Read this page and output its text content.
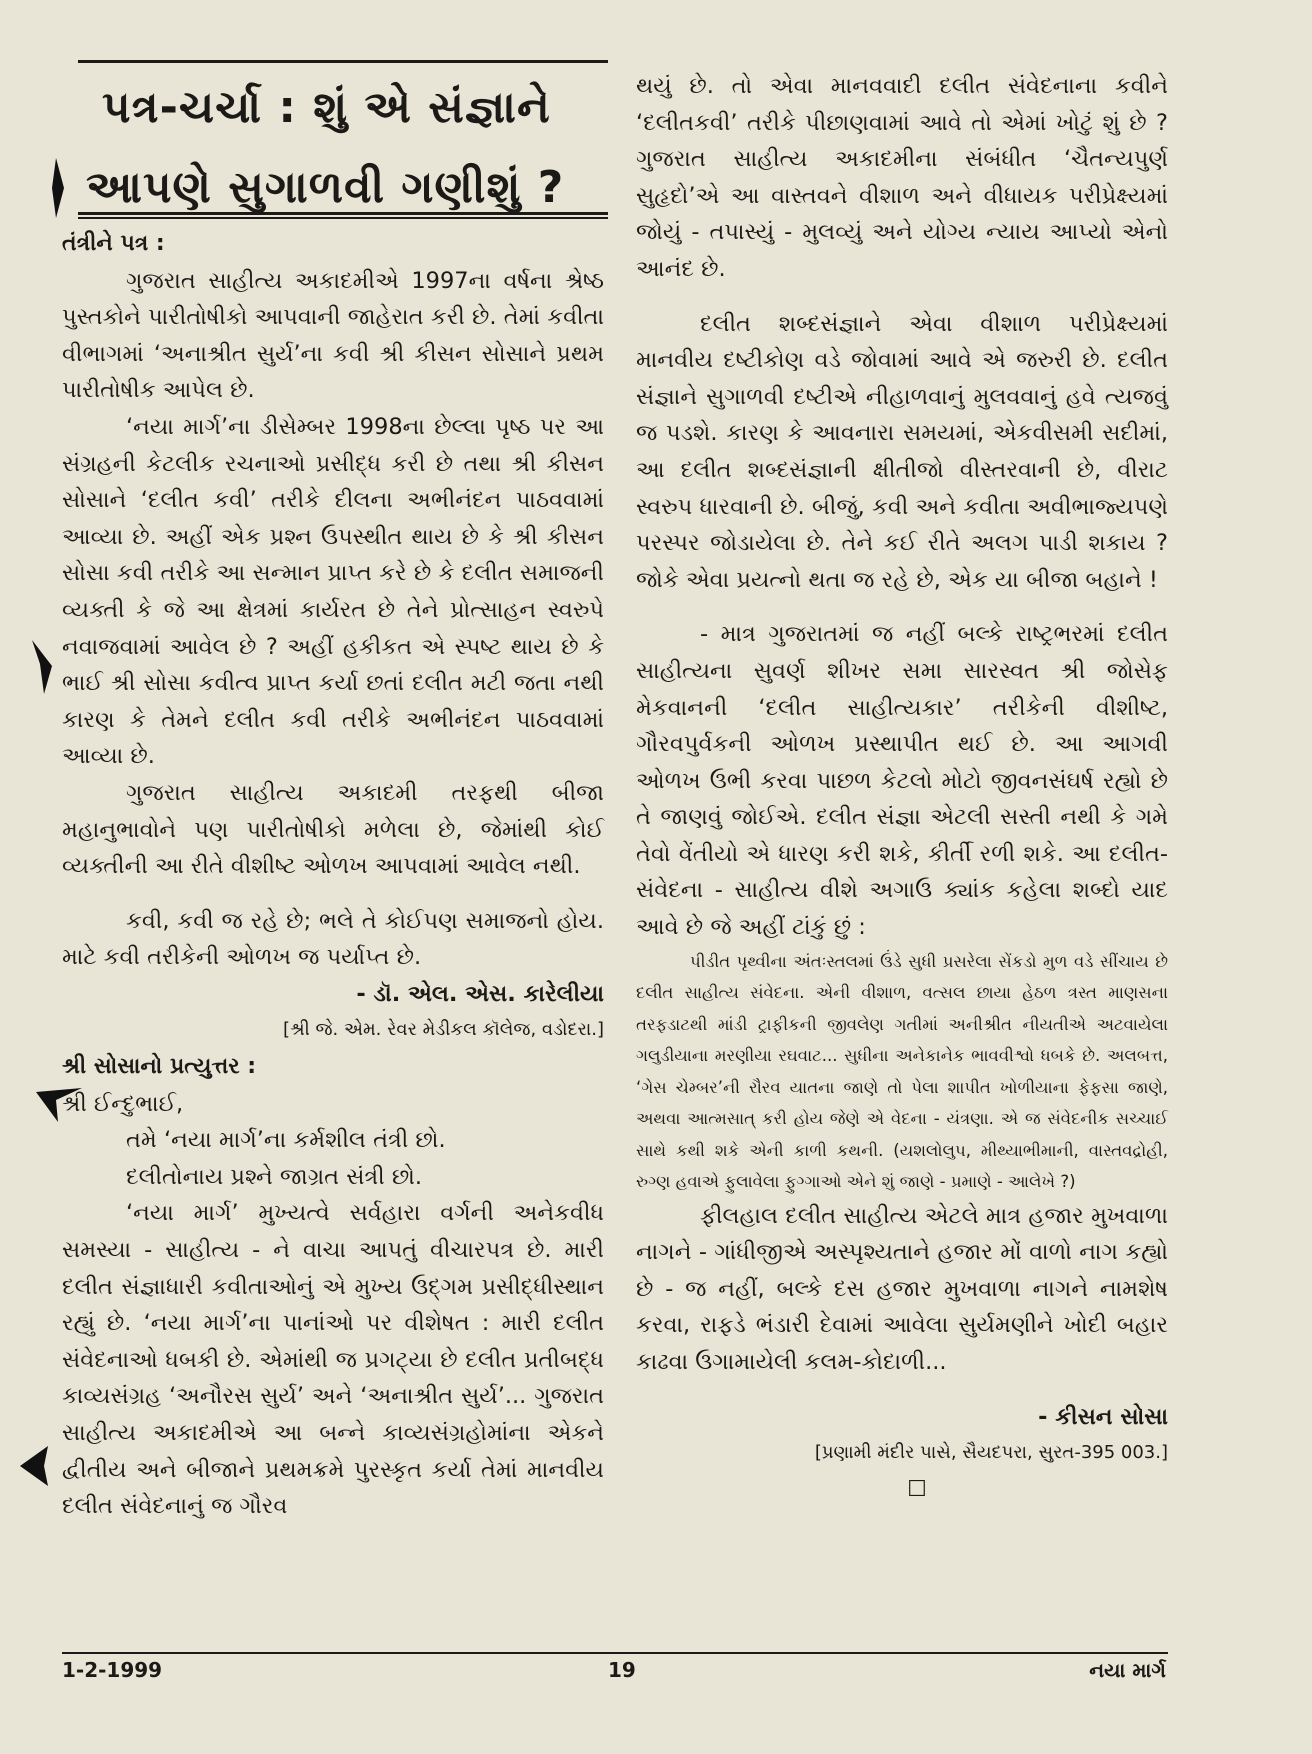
પત્ર-ચર્ચા : શું એ સંજ્ઞાને
આપણે સુગાળવી ગણીશું ?

તંત્રીને પત્ર :

ગુજરાત સાહીત્ય અકાદમીએ 1997ના વર્ષના શ્રેષ્ઠ પુસ્તકોને પારીતોષીકો આપવાની જાહેરાત કરી છે. તેમાં કવીતા વીભાગમાં ‘અનાશ્રીત સુર્ય’ના કવી શ્રી કીસન સોસાને પ્રથમ પારીતોષીક આપેલ છે.

‘નયા માર્ગ’ના ડીસેમ્બર 1998ના છેલ્લા પૃષ્ઠ પર આ સંગ્રહની કેટલીક રચનાઓ પ્રસીદ્ધ કરી છે તથા શ્રી કીસન સોસાને ‘દલીત કવી’ તરીકે દીલના અભીનંદન પાઠવવામાં આવ્યા છે. અહીં એક પ્રશ્ન ઉપસ્થીત થાય છે કે શ્રી કીસન સોસા કવી તરીકે આ સન્માન પ્રાપ્ત કરે છે કે દલીત સમાજની વ્યક્તી કે જે આ ક્ષેત્રમાં કાર્યરત છે તેને પ્રોત્સાહન સ્વરુપે નવાજવામાં આવેલ છે ? અહીં હકીકત એ સ્પષ્ટ થાય છે કે ભાઈ શ્રી સોસા કવીત્વ પ્રાપ્ત કર્યા છતાં દલીત મટી જતા નથી કારણ કે તેમને દલીત કવી તરીકે અભીનંદન પાઠવવામાં આવ્યા છે.

ગુજરાત સાહીત્ય અકાદમી તરફથી બીજા મહાનુભાવોને પણ પારીતોષીકો મળેલા છે, જેમાંથી કોઈ વ્યક્તીની આ રીતે વીશીષ્ટ ઓળખ આપવામાં આવેલ નથી.

કવી, કવી જ રહે છે; ભલે તે કોઈપણ સમાજનો હોય. માટે કવી તરીકેની ઓળખ જ પર્યાપ્ત છે.

- ડૉ. એલ. એસ. કારેલીયા

[શ્રી જે. એમ. રેવર મેડીકલ કૉલેજ, વડોદરા.]

શ્રી સોસાનો પ્રત્યુત્તર :

શ્રી ઈન્દુભાઈ,

તમે ‘નયા માર્ગ’ના કર્મશીલ તંત્રી છો.

દલીતોનાય પ્રશ્ને જાગ્રત સંત્રી છો.

‘નયા માર્ગ’ મુખ્યત્વે સર્વહારા વર્ગની અનેકવીધ સમસ્યા - સાહીત્ય - ને વાચા આપતું વીચારપત્ર છે. મારી દલીત સંજ્ઞાધારી કવીતાઓનું એ મુખ્ય ઉદ્ગમ પ્રસીદ્ધીસ્થાન રહ્યું છે. ‘નયા માર્ગ’ના પાનાંઓ પર વીશેષત : મારી દલીત સંવેદનાઓ ધબકી છે. એમાંથી જ પ્રગટ્યા છે દલીત પ્રતીબદ્ધ કાવ્યસંગ્રહ ‘અનૌરસ સુર્ય’ અને ‘અનાશ્રીત સુર્ય’... ગુજરાત સાહીત્ય અકાદમીએ આ બન્ને કાવ્યસંગ્રહોમાંના એકને દ્વીતીય અને બીજાને પ્રથમક્રમે પુરસ્કૃત કર્યા તેમાં માનવીય દલીત સંવેદનાનું જ ગૌરવ

થયું છે. તો એવા માનવવાદી દલીત સંવેદનાના કવીને ‘દલીતકવી’ તરીકે પીછાણવામાં આવે તો એમાં ખોટું શું છે ? ગુજરાત સાહીત્ય અકાદમીના સંબંધીત ‘ચૈતન્યપુર્ણ સુહૃદો’એ આ વાસ્તવને વીશાળ અને વીધાયક પરીપ્રેક્ષ્યમાં જોયું - તપાસ્યું - મુલવ્યું અને યોગ્ય ન્યાય આપ્યો એનો આનંદ છે.

દલીત શબ્દસંજ્ઞાને એવા વીશાળ પરીપ્રેક્ષ્યમાં માનવીય દષ્ટીકોણ વડે જોવામાં આવે એ જરુરી છે. દલીત સંજ્ઞાને સુગાળવી દષ્ટીએ નીહાળવાનું મુલવવાનું હવે ત્યજવું જ પડશે. કારણ કે આવનારા સમયમાં, એકવીસમી સદીમાં, આ દલીત શબ્દસંજ્ઞાની ક્ષીતીજો વીસ્તરવાની છે, વીરાટ સ્વરુપ ધારવાની છે. બીજું, કવી અને કવીતા અવીભાજ્યપણે પરસ્પર જોડાયેલા છે. તેને કઈ રીતે અલગ પાડી શકાય ? જોકે એવા પ્રયત્નો થતા જ રહે છે, એક યા બીજા બહાને !

- માત્ર ગુજરાતમાં જ નહીં બલ્કે રાષ્ટ્રભરમાં દલીત સાહીત્યના સુવર્ણ શીખર સમા સારસ્વત શ્રી જોસેફ મેકવાનની ‘દલીત સાહીત્યકાર’ તરીકેની વીશીષ્ટ, ગૌરવપુર્વકની ઓળખ પ્રસ્થાપીત થઈ છે. આ આગવી ઓળખ ઉભી કરવા પાછળ કેટલો મોટો જીવનસંઘર્ષ રહ્યો છે તે જાણવું જોઈએ. દલીત સંજ્ઞા એટલી સસ્તી નથી કે ગમે તેવો વેંતીયો એ ધારણ કરી શકે, કીર્તી રળી શકે. આ દલીત-સંવેદના - સાહીત્ય વીશે અગાઉ ક્યાંક કહેલા શબ્દો યાદ આવે છે જે અહીં ટાંકું છું :

પીડીત પૃથ્વીના અંતઃસ્તલમાં ઉંડે સુધી પ્રસરેલા સેંકડો મુળ વડે સીંચાય છે દલીત સાહીત્ય સંવેદના. એની વીશાળ, વત્સલ છાયા હેઠળ ત્રસ્ત માણસના તરફડાટથી માંડી ટ્રાફીકની જીવલેણ ગતીમાં અનીશ્રીત નીયતીએ અટવાયેલા ગલુડીયાના મરણીયા રઘવાટ... સુધીના અનેકાનેક ભાવવીશ્વો ધબકે છે. અલબત્ત, ‘ગેસ ચેમ્બર’ની રૌરવ યાતના જાણે તો પેલા શાપીત ખોળીયાના ફેફસા જાણે, અથવા આત્મસાત્ કરી હોય જેણે એ વેદના - યંત્રણા. એ જ સંવેદનીક સચ્ચાઈ સાથે કથી શકે એની કાળી કથની. (યશલોલુપ, મીથ્યાભીમાની, વાસ્તવદ્રોહી, રુગ્ણ હવાએ ફુલાવેલા ફુગ્ગાઓ એને શું જાણે - પ્રમાણે - આલેખે ?)

ફીલહાલ દલીત સાહીત્ય એટલે માત્ર હજાર મુખવાળા નાગને - ગાંધીજીએ અસ્પૃશ્યતાને હજાર મોં વાળો નાગ કહ્યો છે - જ નહીં, બલ્કે દસ હજાર મુખવાળા નાગને નામશેષ કરવા, રાફડે ભંડારી દેવામાં આવેલા સુર્યમણીને ખોદી બહાર કાઢવા ઉગામાયેલી કલમ-કોદાળી...

- કીસન સોસા

[પ્રણામી મંદીર પાસે, સૈયદપરા, સુરત-395 003.]

☐

1-2-1999	19	નયા માર્ગ
